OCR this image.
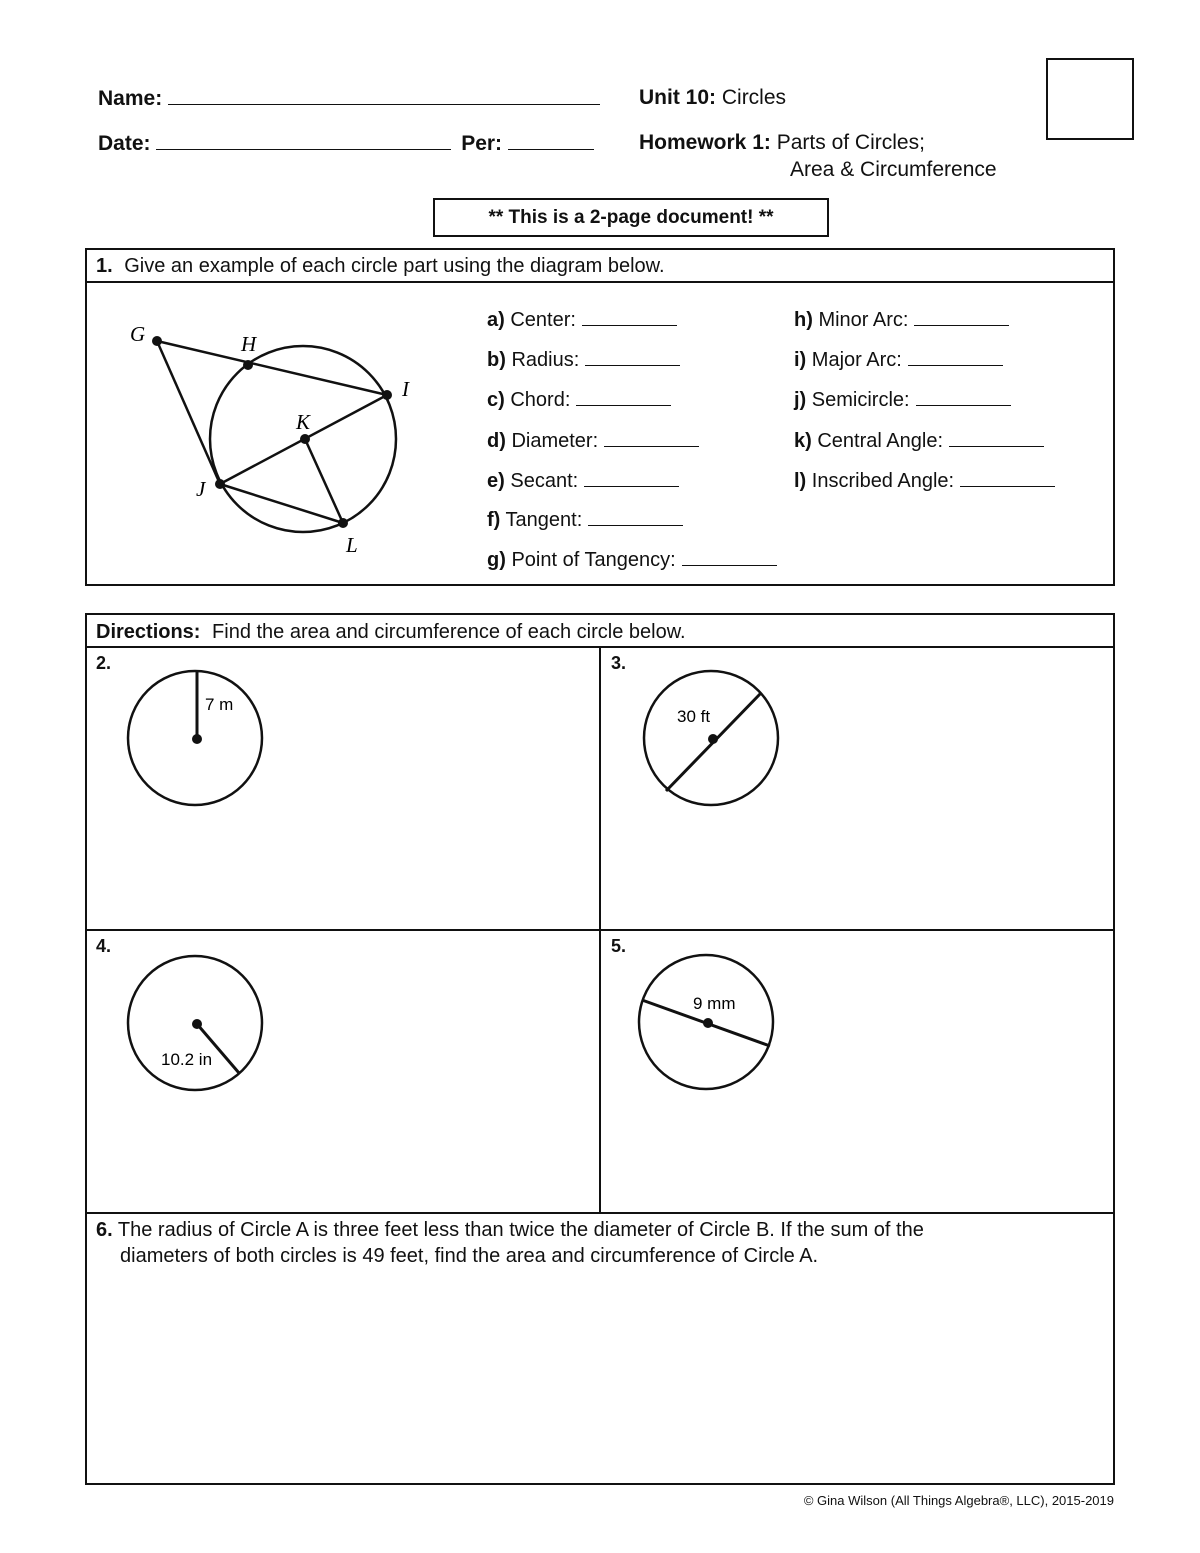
Name:
Date:	Per:
Unit 10: Circles
Homework 1: Parts of Circles;
Area & Circumference
** This is a 2-page document! **
1. Give an example of each circle part using the diagram below.
G	H
I
K
J
L
a) Center:
b) Radius:
c) Chord:
d) Diameter:
e) Secant:
f) Tangent:
g) Point of Tangency:
h) Minor Arc:
i) Major Arc:
j) Semicircle:
k) Central Angle:
l) Inscribed Angle:
Directions: Find the area and circumference of each circle below.
2.
7 m
3.
30 ft
4.
10.2 in
5.
9 mm
6. The radius of Circle A is three feet less than twice the diameter of Circle B. If the sum of the
diameters of both circles is 49 feet, find the area and circumference of Circle A.
© Gina Wilson (All Things Algebra®, LLC), 2015-2019
